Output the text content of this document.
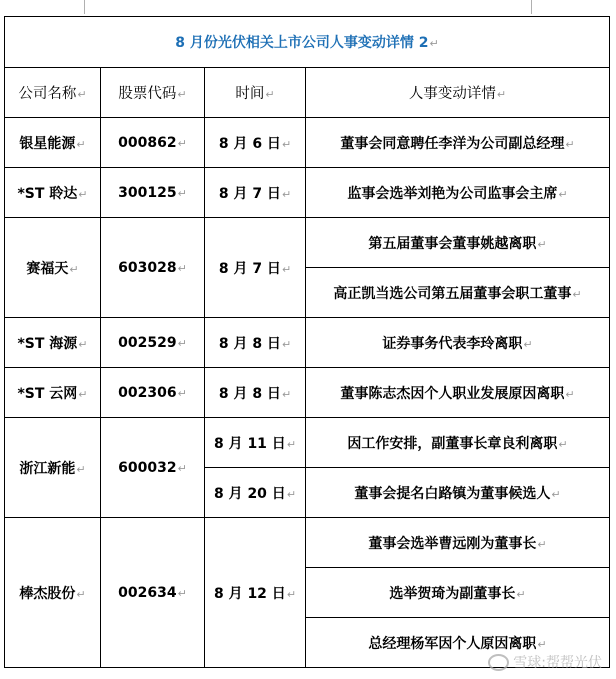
8 月份光伏相关上市公司人事变动详情 2↵			
公司名称↵	股票代码↵	时间↵	人事变动详情↵
银星能源↵	000862↵	8 月 6 日↵	董事会同意聘任李洋为公司副总经理↵
*ST 聆达↵	300125↵	8 月 7 日↵	监事会选举刘艳为公司监事会主席↵
赛福天↵	603028↵	8 月 7 日↵	第五届董事会董事姚越离职↵
			高正凯当选公司第五届董事会职工董事↵
*ST 海源↵	002529↵	8 月 8 日↵	证券事务代表李玲离职↵
*ST 云网↵	002306↵	8 月 8 日↵	董事陈志杰因个人职业发展原因离职↵
浙江新能↵	600032↵	8 月 11 日↵	因工作安排，副董事长章良利离职↵
		8 月 20 日↵	董事会提名白路镇为董事候选人↵
棒杰股份↵	002634↵	8 月 12 日↵	董事会选举曹远刚为董事长↵
			选举贺琦为副董事长↵
			总经理杨军因个人原因离职↵
雪球:帮帮光伏
